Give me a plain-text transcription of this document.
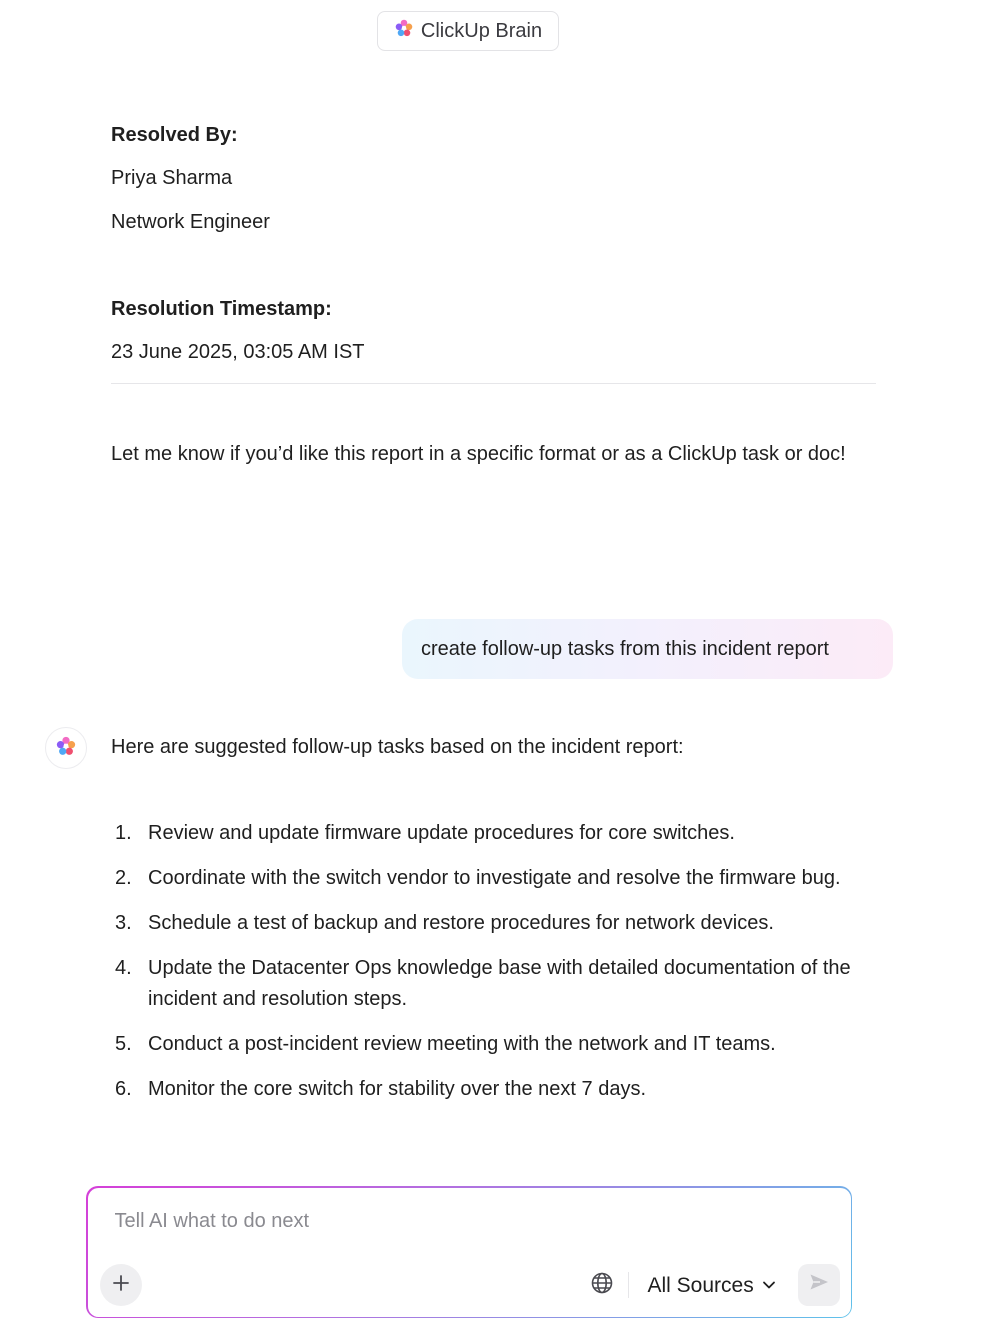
ClickUp Brain
Resolved By:
Priya Sharma
Network Engineer
Resolution Timestamp:
23 June 2025, 03:05 AM IST
Let me know if you’d like this report in a specific format or as a ClickUp task or doc!
create follow-up tasks from this incident report
Here are suggested follow-up tasks based on the incident report:
1. Review and update firmware update procedures for core switches.
2. Coordinate with the switch vendor to investigate and resolve the firmware bug.
3. Schedule a test of backup and restore procedures for network devices.
4. Update the Datacenter Ops knowledge base with detailed documentation of the incident and resolution steps.
5. Conduct a post-incident review meeting with the network and IT teams.
6. Monitor the core switch for stability over the next 7 days.
Tell AI what to do next
All Sources
